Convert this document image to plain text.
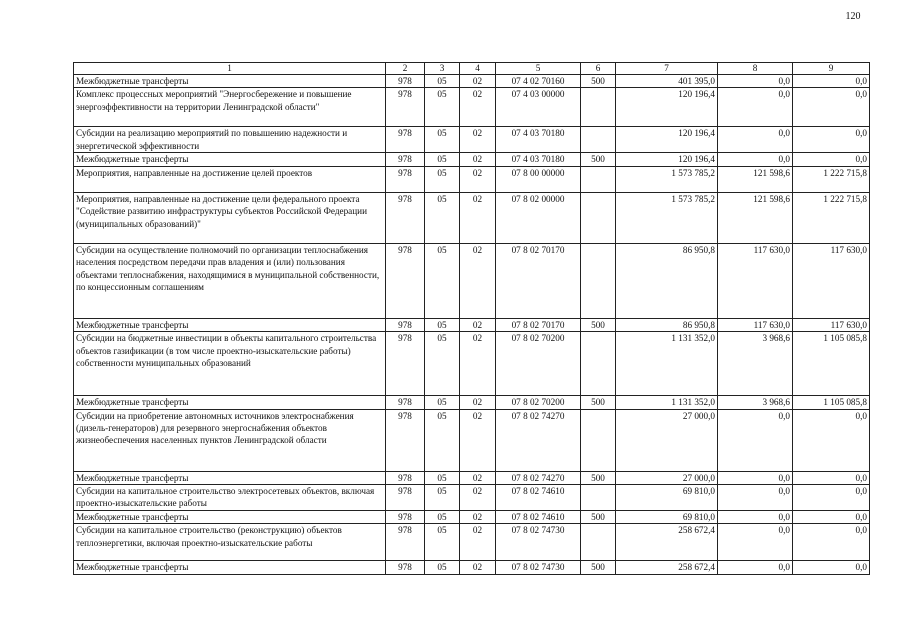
120
1	2	3	4	5	6	7	8	9
Межбюджетные трансферты	978	05	02	07 4 02 70160	500	401 395,0	0,0	0,0
Комплекс процессных мероприятий "Энергосбережение и повышение энергоэффективности на территории Ленинградской области"	978	05	02	07 4 03 00000		120 196,4	0,0	0,0
Субсидии на реализацию мероприятий по повышению надежности и энергетической эффективности	978	05	02	07 4 03 70180		120 196,4	0,0	0,0
Межбюджетные трансферты	978	05	02	07 4 03 70180	500	120 196,4	0,0	0,0
Мероприятия, направленные на достижение целей проектов	978	05	02	07 8 00 00000		1 573 785,2	121 598,6	1 222 715,8
Мероприятия, направленные на достижение цели федерального проекта "Содействие развитию инфраструктуры субъектов Российской Федерации (муниципальных образований)"	978	05	02	07 8 02 00000		1 573 785,2	121 598,6	1 222 715,8
Субсидии на осуществление полномочий по организации теплоснабжения населения посредством передачи прав владения и (или) пользования объектами теплоснабжения, находящимися в муниципальной собственности, по концессионным соглашениям	978	05	02	07 8 02 70170		86 950,8	117 630,0	117 630,0
Межбюджетные трансферты	978	05	02	07 8 02 70170	500	86 950,8	117 630,0	117 630,0
Субсидии на бюджетные инвестиции в объекты капитального строительства объектов газификации (в том числе проектно-изыскательские работы) собственности муниципальных образований	978	05	02	07 8 02 70200		1 131 352,0	3 968,6	1 105 085,8
Межбюджетные трансферты	978	05	02	07 8 02 70200	500	1 131 352,0	3 968,6	1 105 085,8
Субсидии на приобретение автономных источников электроснабжения (дизель-генераторов) для резервного энергоснабжения объектов жизнеобеспечения населенных пунктов Ленинградской области	978	05	02	07 8 02 74270		27 000,0	0,0	0,0
Межбюджетные трансферты	978	05	02	07 8 02 74270	500	27 000,0	0,0	0,0
Субсидии на капитальное строительство электросетевых объектов, включая проектно-изыскательские работы	978	05	02	07 8 02 74610		69 810,0	0,0	0,0
Межбюджетные трансферты	978	05	02	07 8 02 74610	500	69 810,0	0,0	0,0
Субсидии на капитальное строительство (реконструкцию) объектов теплоэнергетики, включая проектно-изыскательские работы	978	05	02	07 8 02 74730		258 672,4	0,0	0,0
Межбюджетные трансферты	978	05	02	07 8 02 74730	500	258 672,4	0,0	0,0
